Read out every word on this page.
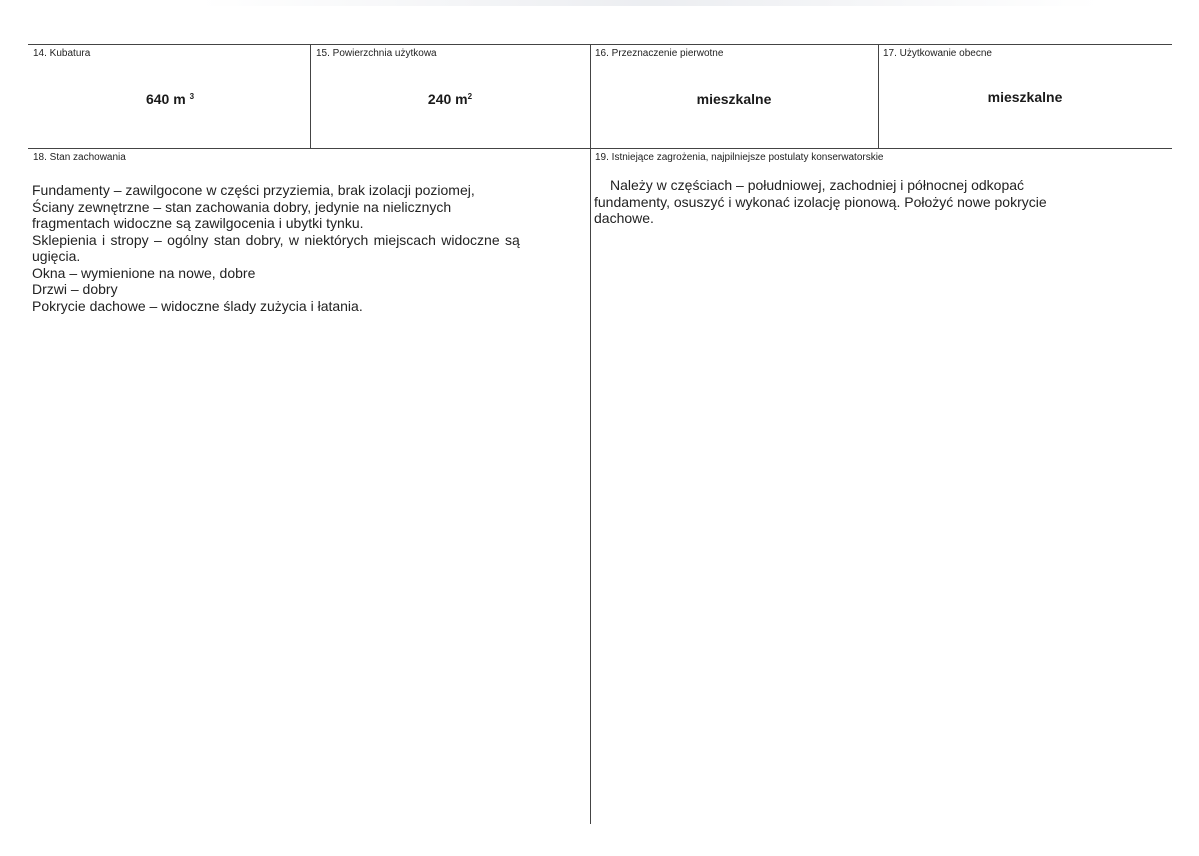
14. Kubatura
640 m $^3$
15. Powierzchnia użytkowa
240 $m^2$
16. Przeznaczenie pierwotne
mieszkalne
17. Użytkowanie obecne
mieszkalne
18. Stan zachowania
Fundamenty – zawilgocone w części przyziemia, brak izolacji poziomej,
Ściany zewnętrzne – stan zachowania dobry, jedynie na nielicznych
fragmentach widoczne są zawilgocenia i ubytki tynku.
Sklepienia i stropy – ogólny stan dobry, w niektórych miejscach widoczne są
ugięcia.
Okna – wymienione na nowe, dobre
Drzwi – dobry
Pokrycie dachowe – widoczne ślady zużycia i łatania.
19. Istniejące zagrożenia, najpilniejsze postulaty konserwatorskie
Należy w częściach – południowej, zachodniej i północnej odkopać
fundamenty, osuszyć i wykonać izolację pionową. Położyć nowe pokrycie
dachowe.
